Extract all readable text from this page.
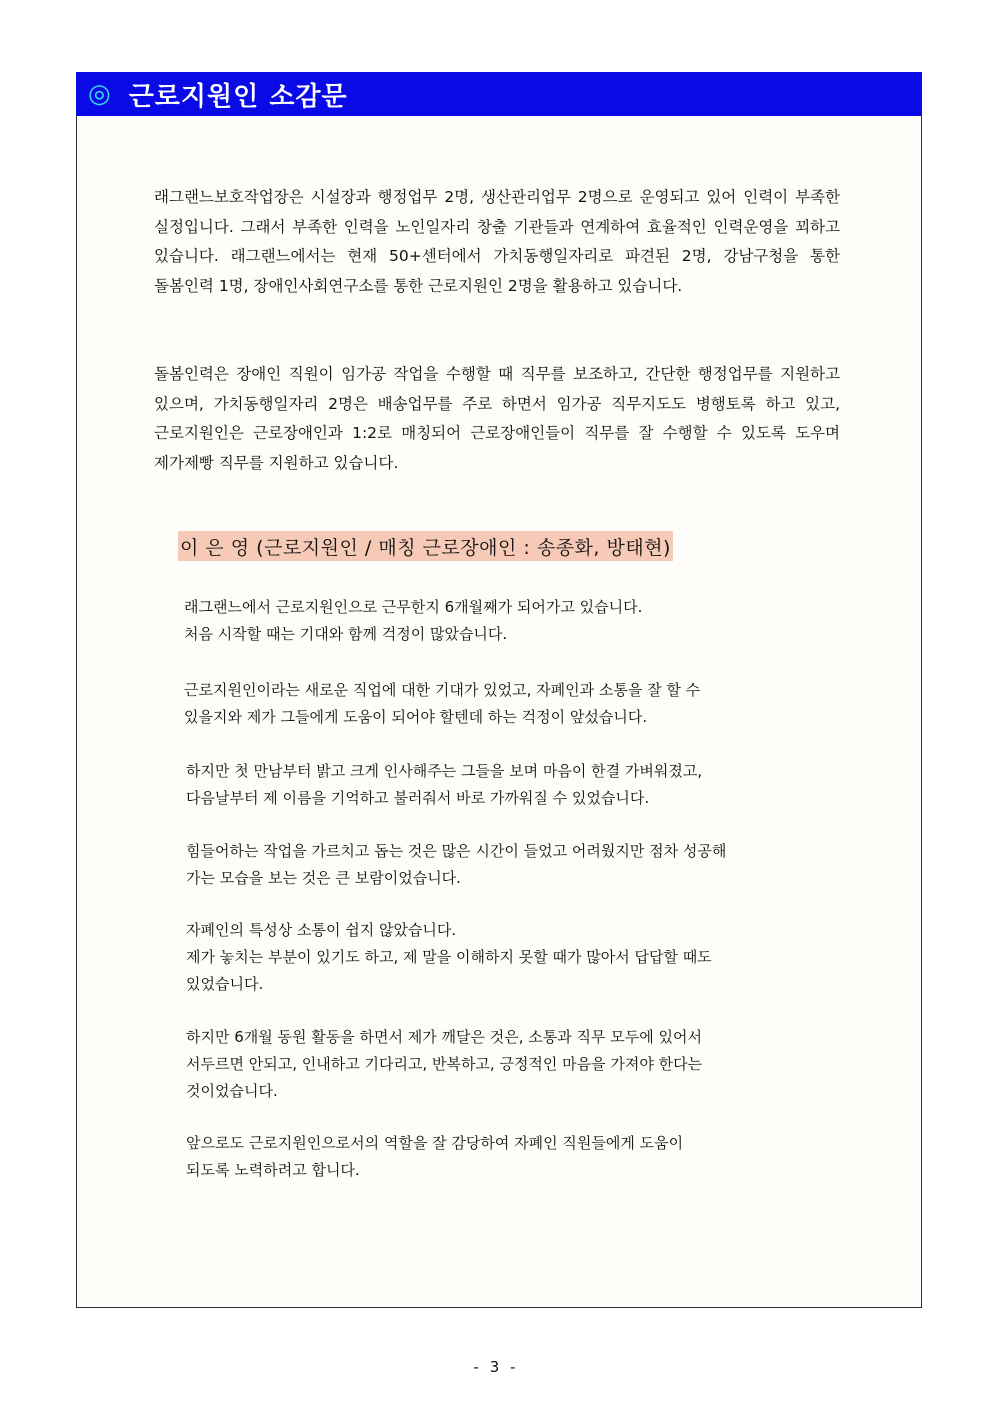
◎ 근로지원인 소감문

래그랜느보호작업장은 시설장과 행정업무 2명, 생산관리업무 2명으로 운영되고 있어 인력이 부족한 실정입니다. 그래서 부족한 인력을 노인일자리 창출 기관들과 연계하여 효율적인 인력운영을 꾀하고 있습니다. 래그랜느에서는 현재 50+센터에서 가치동행일자리로 파견된 2명, 강남구청을 통한 돌봄인력 1명, 장애인사회연구소를 통한 근로지원인 2명을 활용하고 있습니다.

돌봄인력은 장애인 직원이 임가공 작업을 수행할 때 직무를 보조하고, 간단한 행정업무를 지원하고 있으며, 가치동행일자리 2명은 배송업무를 주로 하면서 임가공 직무지도도 병행토록 하고 있고, 근로지원인은 근로장애인과 1:2로 매칭되어 근로장애인들이 직무를 잘 수행할 수 있도록 도우며 제가제빵 직무를 지원하고 있습니다.

이 은 영 (근로지원인 / 매칭 근로장애인 : 송종화, 방태현)

래그랜느에서 근로지원인으로 근무한지 6개월째가 되어가고 있습니다.
처음 시작할 때는 기대와 함께 걱정이 많았습니다.

근로지원인이라는 새로운 직업에 대한 기대가 있었고, 자폐인과 소통을 잘 할 수
있을지와 제가 그들에게 도움이 되어야 할텐데 하는 걱정이 앞섰습니다.

하지만 첫 만남부터 밝고 크게 인사해주는 그들을 보며 마음이 한결 가벼워졌고,
다음날부터 제 이름을 기억하고 불러줘서 바로 가까워질 수 있었습니다.

힘들어하는 작업을 가르치고 돕는 것은 많은 시간이 들었고 어려웠지만 점차 성공해
가는 모습을 보는 것은 큰 보람이었습니다.

자폐인의 특성상 소통이 쉽지 않았습니다.
제가 놓치는 부분이 있기도 하고, 제 말을 이해하지 못할 때가 많아서 답답할 때도
있었습니다.

하지만 6개월 동원 활동을 하면서 제가 깨달은 것은, 소통과 직무 모두에 있어서
서두르면 안되고, 인내하고 기다리고, 반복하고, 긍정적인 마음을 가져야 한다는
것이었습니다.

앞으로도 근로지원인으로서의 역할을 잘 감당하여 자폐인 직원들에게 도움이
되도록 노력하려고 합니다.

- 3 -
